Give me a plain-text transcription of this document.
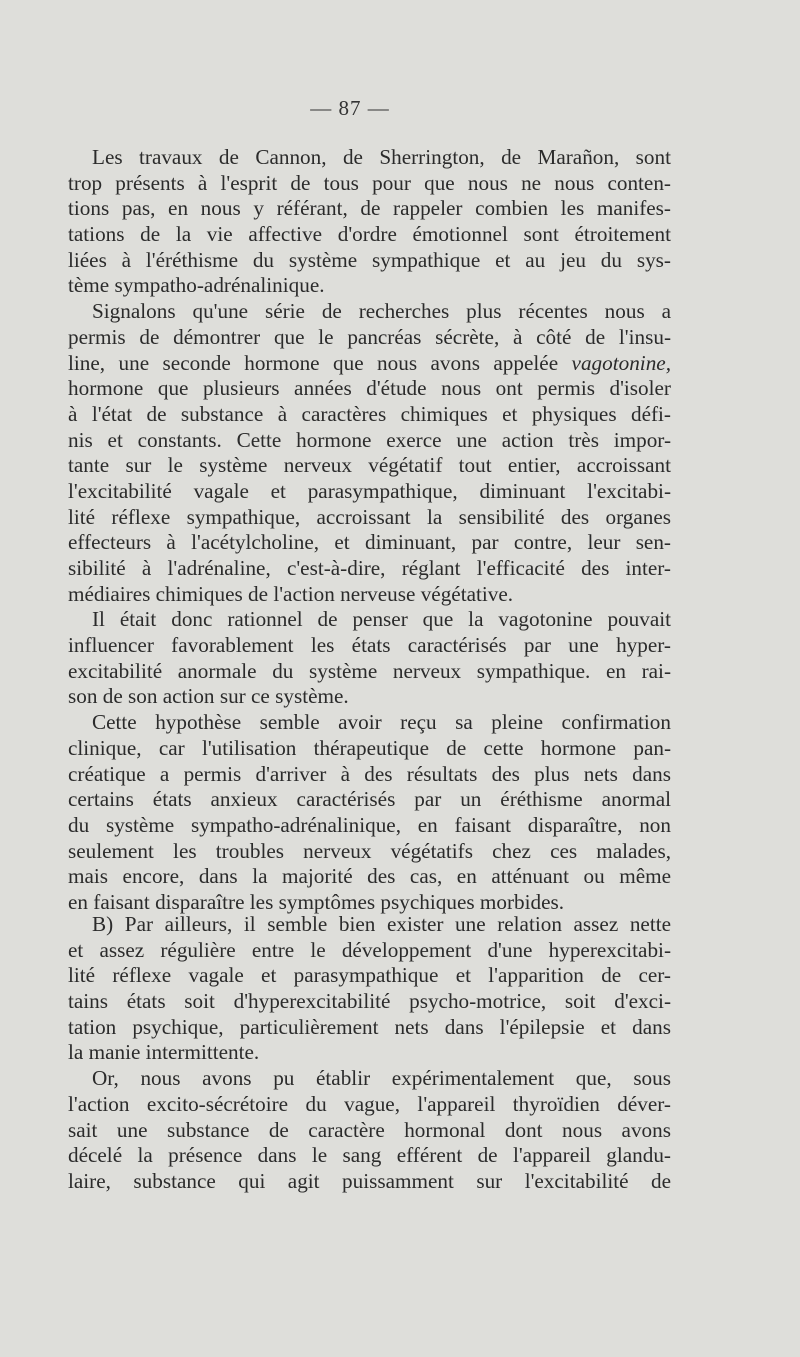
— 87 —
Les travaux de Cannon, de Sherrington, de Marañon, sont
trop présents à l'esprit de tous pour que nous ne nous conten-
tions pas, en nous y référant, de rappeler combien les manifes-
tations de la vie affective d'ordre émotionnel sont étroitement
liées à l'éréthisme du système sympathique et au jeu du sys-
tème sympatho-adrénalinique.
Signalons qu'une série de recherches plus récentes nous a
permis de démontrer que le pancréas sécrète, à côté de l'insu-
line, une seconde hormone que nous avons appelée vagotonine,
hormone que plusieurs années d'étude nous ont permis d'isoler
à l'état de substance à caractères chimiques et physiques défi-
nis et constants. Cette hormone exerce une action très impor-
tante sur le système nerveux végétatif tout entier, accroissant
l'excitabilité vagale et parasympathique, diminuant l'excitabi-
lité réflexe sympathique, accroissant la sensibilité des organes
effecteurs à l'acétylcholine, et diminuant, par contre, leur sen-
sibilité à l'adrénaline, c'est-à-dire, réglant l'efficacité des inter-
médiaires chimiques de l'action nerveuse végétative.
Il était donc rationnel de penser que la vagotonine pouvait
influencer favorablement les états caractérisés par une hyper-
excitabilité anormale du système nerveux sympathique. en rai-
son de son action sur ce système.
Cette hypothèse semble avoir reçu sa pleine confirmation
clinique, car l'utilisation thérapeutique de cette hormone pan-
créatique a permis d'arriver à des résultats des plus nets dans
certains états anxieux caractérisés par un éréthisme anormal
du système sympatho-adrénalinique, en faisant disparaître, non
seulement les troubles nerveux végétatifs chez ces malades,
mais encore, dans la majorité des cas, en atténuant ou même
en faisant disparaître les symptômes psychiques morbides.
B) Par ailleurs, il semble bien exister une relation assez nette
et assez régulière entre le développement d'une hyperexcitabi-
lité réflexe vagale et parasympathique et l'apparition de cer-
tains états soit d'hyperexcitabilité psycho-motrice, soit d'exci-
tation psychique, particulièrement nets dans l'épilepsie et dans
la manie intermittente.
Or, nous avons pu établir expérimentalement que, sous
l'action excito-sécrétoire du vague, l'appareil thyroïdien déver-
sait une substance de caractère hormonal dont nous avons
décelé la présence dans le sang efférent de l'appareil glandu-
laire, substance qui agit puissamment sur l'excitabilité de
